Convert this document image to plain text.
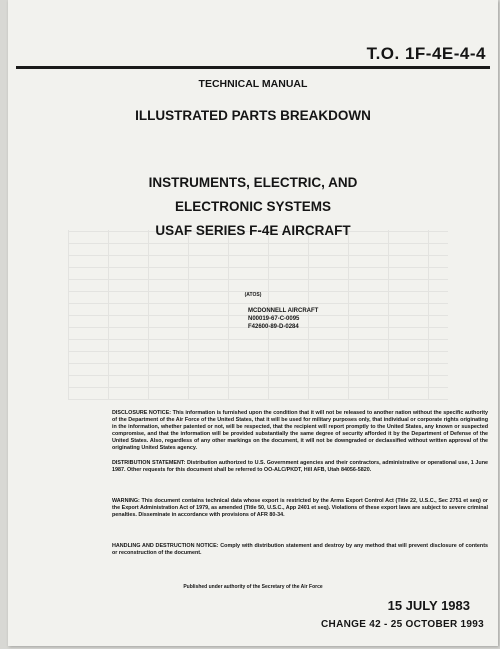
T.O. 1F-4E-4-4
TECHNICAL MANUAL
ILLUSTRATED PARTS BREAKDOWN
INSTRUMENTS, ELECTRIC, AND
ELECTRONIC SYSTEMS
USAF SERIES F-4E AIRCRAFT
(ATOS)
MCDONNELL AIRCRAFT
N00019-67-C-0095
F42600-89-D-0284
DISCLOSURE NOTICE: This information is furnished upon the condition that it will not be released to another nation without the specific authority of the Department of the Air Force of the United States, that it will be used for military purposes only, that individual or corporate rights originating in the information, whether patented or not, will be respected, that the recipient will report promptly to the United States, any known or suspected compromise, and that the information will be provided substantially the same degree of security afforded it by the Department of Defense of the United States. Also, regardless of any other markings on the document, it will not be downgraded or declassified without written approval of the originating United States agency.
DISTRIBUTION STATEMENT: Distribution authorized to U.S. Government agencies and their contractors, administrative or operational use, 1 June 1987. Other requests for this document shall be referred to OO-ALC/PKDT, Hill AFB, Utah 84056-5820.
WARNING: This document contains technical data whose export is restricted by the Arms Export Control Act (Title 22, U.S.C., Sec 2751 et seq) or the Export Administration Act of 1979, as amended (Title 50, U.S.C., App 2401 et seq). Violations of these export laws are subject to severe criminal penalties. Disseminate in accordance with provisions of AFR 80-34.
HANDLING AND DESTRUCTION NOTICE: Comply with distribution statement and destroy by any method that will prevent disclosure of contents or reconstruction of the document.
Published under authority of the Secretary of the Air Force
15 JULY 1983
CHANGE 42 - 25 OCTOBER 1993
